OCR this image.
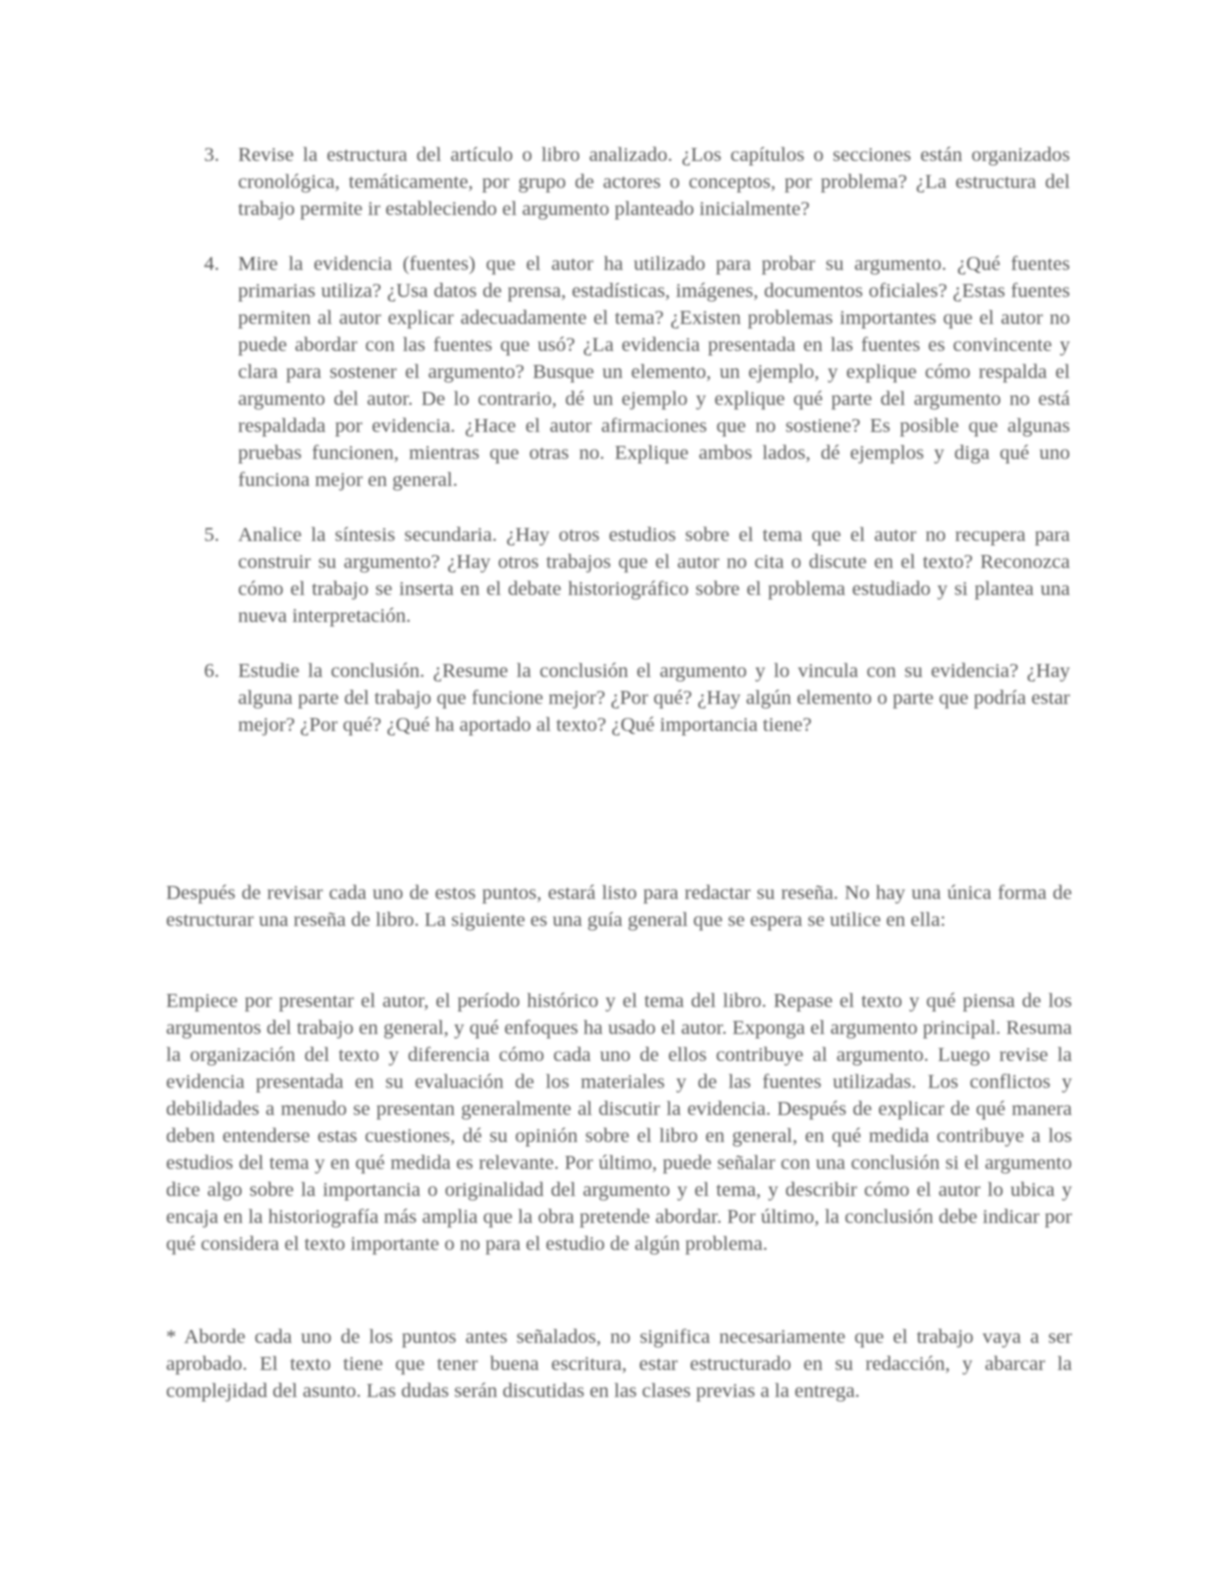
3. Revise la estructura del artículo o libro analizado. ¿Los capítulos o secciones están organizados cronológica, temáticamente, por grupo de actores o conceptos, por problema? ¿La estructura del trabajo permite ir estableciendo el argumento planteado inicialmente?
4. Mire la evidencia (fuentes) que el autor ha utilizado para probar su argumento. ¿Qué fuentes primarias utiliza? ¿Usa datos de prensa, estadísticas, imágenes, documentos oficiales? ¿Estas fuentes permiten al autor explicar adecuadamente el tema? ¿Existen problemas importantes que el autor no puede abordar con las fuentes que usó? ¿La evidencia presentada en las fuentes es convincente y clara para sostener el argumento? Busque un elemento, un ejemplo, y explique cómo respalda el argumento del autor. De lo contrario, dé un ejemplo y explique qué parte del argumento no está respaldada por evidencia. ¿Hace el autor afirmaciones que no sostiene? Es posible que algunas pruebas funcionen, mientras que otras no. Explique ambos lados, dé ejemplos y diga qué uno funciona mejor en general.
5. Analice la síntesis secundaria. ¿Hay otros estudios sobre el tema que el autor no recupera para construir su argumento? ¿Hay otros trabajos que el autor no cita o discute en el texto? Reconozca cómo el trabajo se inserta en el debate historiográfico sobre el problema estudiado y si plantea una nueva interpretación.
6. Estudie la conclusión. ¿Resume la conclusión el argumento y lo vincula con su evidencia? ¿Hay alguna parte del trabajo que funcione mejor? ¿Por qué? ¿Hay algún elemento o parte que podría estar mejor? ¿Por qué? ¿Qué ha aportado al texto? ¿Qué importancia tiene?

Después de revisar cada uno de estos puntos, estará listo para redactar su reseña. No hay una única forma de estructurar una reseña de libro. La siguiente es una guía general que se espera se utilice en ella:

Empiece por presentar el autor, el período histórico y el tema del libro. Repase el texto y qué piensa de los argumentos del trabajo en general, y qué enfoques ha usado el autor. Exponga el argumento principal. Resuma la organización del texto y diferencia cómo cada uno de ellos contribuye al argumento. Luego revise la evidencia presentada en su evaluación de los materiales y de las fuentes utilizadas. Los conflictos y debilidades a menudo se presentan generalmente al discutir la evidencia. Después de explicar de qué manera deben entenderse estas cuestiones, dé su opinión sobre el libro en general, en qué medida contribuye a los estudios del tema y en qué medida es relevante. Por último, puede señalar con una conclusión si el argumento dice algo sobre la importancia o originalidad del argumento y el tema, y describir cómo el autor lo ubica y encaja en la historiografía más amplia que la obra pretende abordar. Por último, la conclusión debe indicar por qué considera el texto importante o no para el estudio de algún problema.

* Aborde cada uno de los puntos antes señalados, no significa necesariamente que el trabajo vaya a ser aprobado. El texto tiene que tener buena escritura, estar estructurado en su redacción, y abarcar la complejidad del asunto. Las dudas serán discutidas en las clases previas a la entrega.
